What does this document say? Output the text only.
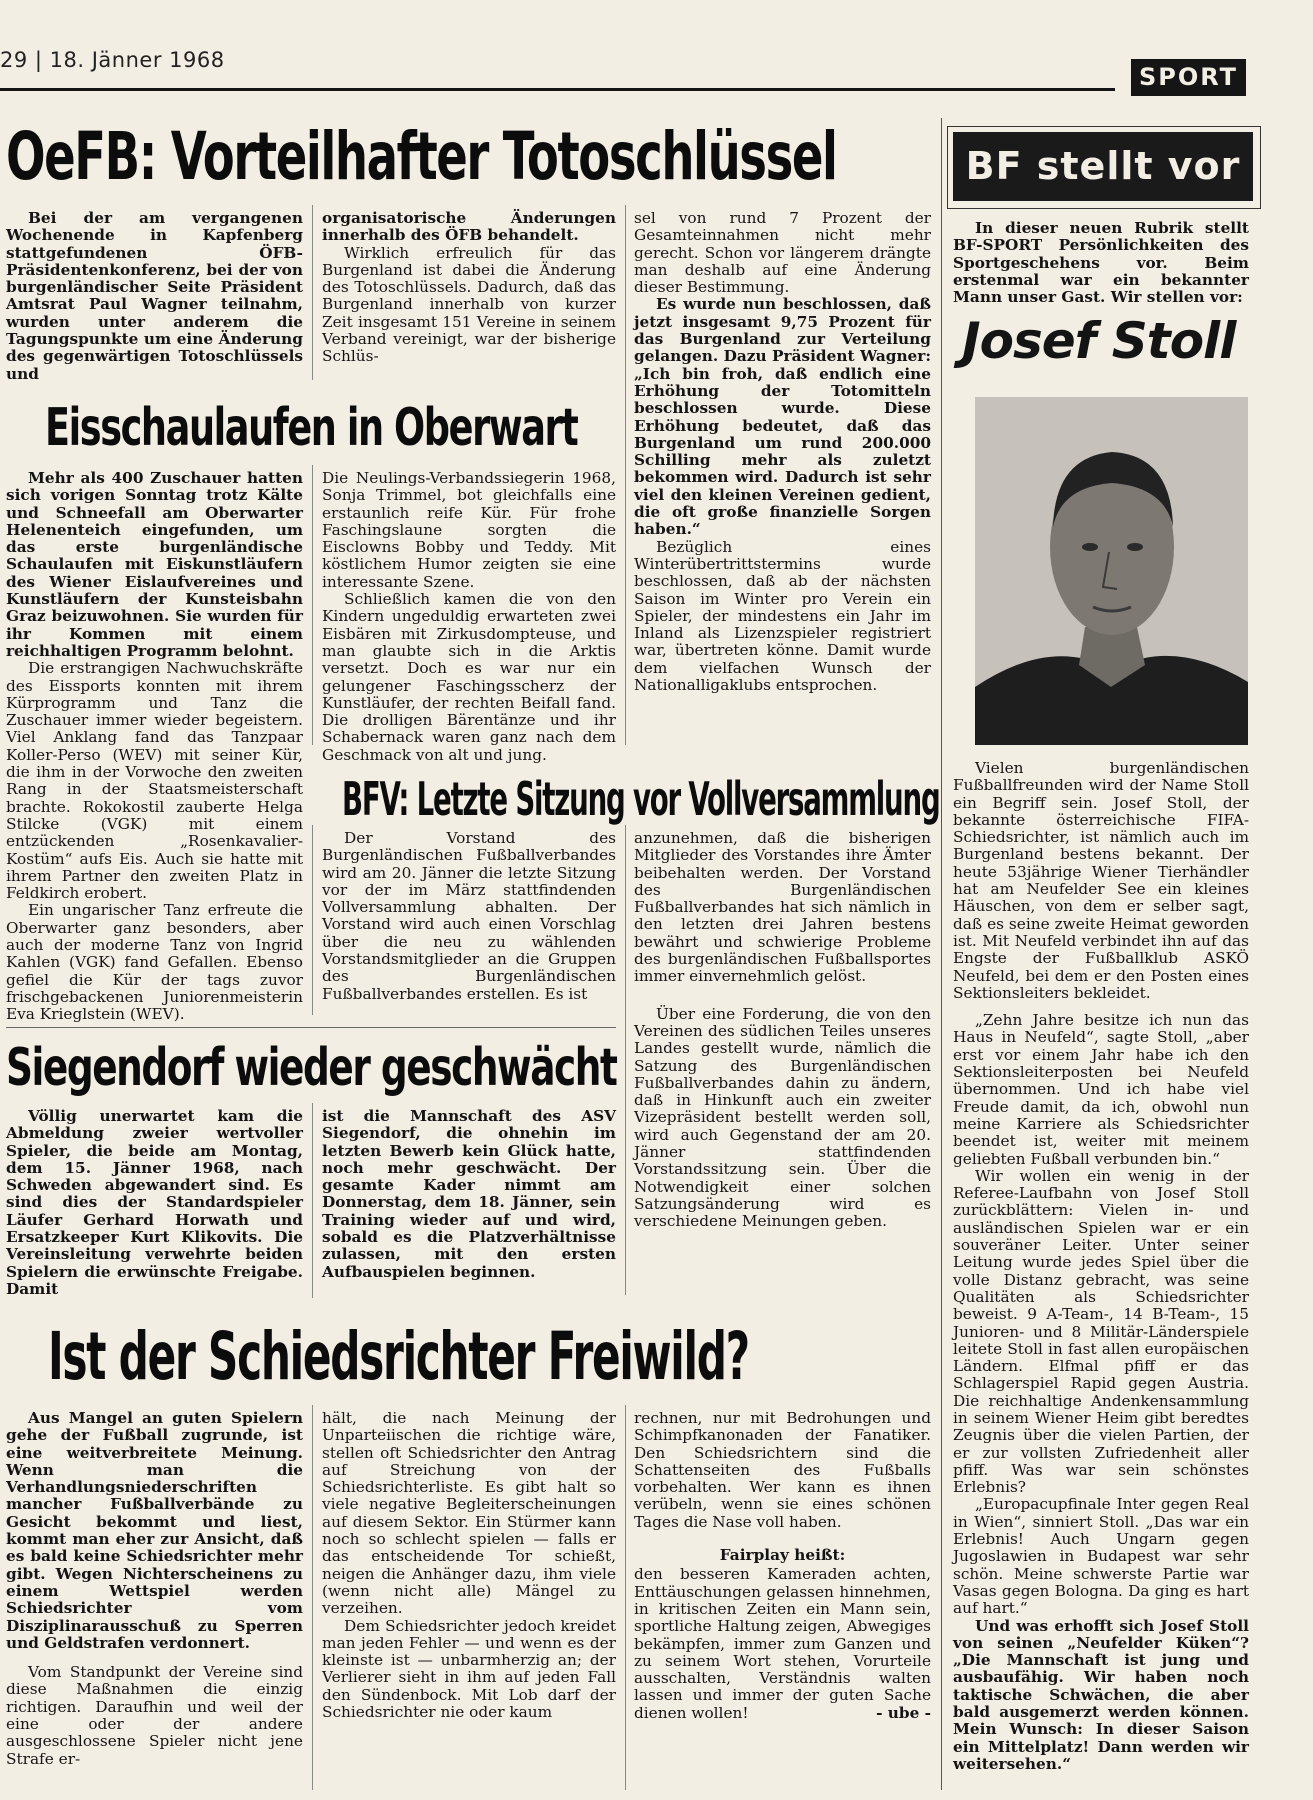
29 | 18. Jänner 1968
SPORT
OeFB: Vorteilhafter Totoschlüssel

Bei der am vergangenen Wochenende in Kapfenberg stattgefundenen ÖFB-Präsidentenkonferenz, bei der von burgenländischer Seite Präsident Amtsrat Paul Wagner teilnahm, wurden unter anderem die Tagungspunkte um eine Änderung des gegenwärtigen Totoschlüssels und

organisatorische Änderungen innerhalb des ÖFB behandelt.

Wirklich erfreulich für das Burgenland ist dabei die Änderung des Totoschlüssels. Dadurch, daß das Burgenland innerhalb von kurzer Zeit insgesamt 151 Vereine in seinem Verband vereinigt, war der bisherige Schlüs-

sel von rund 7 Prozent der Gesamteinnahmen nicht mehr gerecht. Schon vor längerem drängte man deshalb auf eine Änderung dieser Bestimmung.

Es wurde nun beschlossen, daß jetzt insgesamt 9,75 Prozent für das Burgenland zur Verteilung gelangen. Dazu Präsident Wagner: „Ich bin froh, daß endlich eine Erhöhung der Totomitteln beschlossen wurde. Diese Erhöhung bedeutet, daß das Burgenland um rund 200.000 Schilling mehr als zuletzt bekommen wird. Dadurch ist sehr viel den kleinen Vereinen gedient, die oft große finanzielle Sorgen haben.“

Bezüglich eines Winterübertrittstermins wurde beschlossen, daß ab der nächsten Saison im Winter pro Verein ein Spieler, der mindestens ein Jahr im Inland als Lizenzspieler registriert war, übertreten könne. Damit wurde dem vielfachen Wunsch der Nationalligaklubs entsprochen.

Eisschaulaufen in Oberwart

Mehr als 400 Zuschauer hatten sich vorigen Sonntag trotz Kälte und Schneefall am Oberwarter Helenenteich eingefunden, um das erste burgenländische Schaulaufen mit Eiskunstläufern des Wiener Eislaufvereines und Kunstläufern der Kunsteisbahn Graz beizuwohnen. Sie wurden für ihr Kommen mit einem reichhaltigen Programm belohnt.

Die erstrangigen Nachwuchskräfte des Eissports konnten mit ihrem Kürprogramm und Tanz die Zuschauer immer wieder begeistern. Viel Anklang fand das Tanzpaar Koller-Perso (WEV) mit seiner Kür, die ihm in der Vorwoche den zweiten Rang in der Staatsmeisterschaft brachte. Rokokostil zauberte Helga Stilcke (VGK) mit einem entzückenden „Rosenkavalier-Kostüm“ aufs Eis. Auch sie hatte mit ihrem Partner den zweiten Platz in Feldkirch erobert.

Ein ungarischer Tanz erfreute die Oberwarter ganz besonders, aber auch der moderne Tanz von Ingrid Kahlen (VGK) fand Gefallen. Ebenso gefiel die Kür der tags zuvor frischgebackenen Juniorenmeisterin Eva Krieglstein (WEV).

Die Neulings-Verbandssiegerin 1968, Sonja Trimmel, bot gleichfalls eine erstaunlich reife Kür. Für frohe Faschingslaune sorgten die Eisclowns Bobby und Teddy. Mit köstlichem Humor zeigten sie eine interessante Szene.

Schließlich kamen die von den Kindern ungeduldig erwarteten zwei Eisbären mit Zirkusdompteuse, und man glaubte sich in die Arktis versetzt. Doch es war nur ein gelungener Faschingsscherz der Kunstläufer, der rechten Beifall fand. Die drolligen Bärentänze und ihr Schabernack waren ganz nach dem Geschmack von alt und jung.

BFV: Letzte Sitzung vor Vollversammlung

Der Vorstand des Burgenländischen Fußballverbandes wird am 20. Jänner die letzte Sitzung vor der im März stattfindenden Vollversammlung abhalten. Der Vorstand wird auch einen Vorschlag über die neu zu wählenden Vorstandsmitglieder an die Gruppen des Burgenländischen Fußballverbandes erstellen. Es ist

anzunehmen, daß die bisherigen Mitglieder des Vorstandes ihre Ämter beibehalten werden. Der Vorstand des Burgenländischen Fußballverbandes hat sich nämlich in den letzten drei Jahren bestens bewährt und schwierige Probleme des burgenländischen Fußballsportes immer einvernehmlich gelöst.

Über eine Forderung, die von den Vereinen des südlichen Teiles unseres Landes gestellt wurde, nämlich die Satzung des Burgenländischen Fußballverbandes dahin zu ändern, daß in Hinkunft auch ein zweiter Vizepräsident bestellt werden soll, wird auch Gegenstand der am 20. Jänner stattfindenden Vorstandssitzung sein. Über die Notwendigkeit einer solchen Satzungsänderung wird es verschiedene Meinungen geben.

Siegendorf wieder geschwächt

Völlig unerwartet kam die Abmeldung zweier wertvoller Spieler, die beide am Montag, dem 15. Jänner 1968, nach Schweden abgewandert sind. Es sind dies der Standardspieler Läufer Gerhard Horwath und Ersatzkeeper Kurt Klikovits. Die Vereinsleitung verwehrte beiden Spielern die erwünschte Freigabe. Damit

ist die Mannschaft des ASV Siegendorf, die ohnehin im letzten Bewerb kein Glück hatte, noch mehr geschwächt. Der gesamte Kader nimmt am Donnerstag, dem 18. Jänner, sein Training wieder auf und wird, sobald es die Platzverhältnisse zulassen, mit den ersten Aufbauspielen beginnen.

Ist der Schiedsrichter Freiwild?

Aus Mangel an guten Spielern gehe der Fußball zugrunde, ist eine weitverbreitete Meinung. Wenn man die Verhandlungsniederschriften mancher Fußballverbände zu Gesicht bekommt und liest, kommt man eher zur Ansicht, daß es bald keine Schiedsrichter mehr gibt. Wegen Nichterscheinens zu einem Wettspiel werden Schiedsrichter vom Disziplinarausschuß zu Sperren und Geldstrafen verdonnert.

Vom Standpunkt der Vereine sind diese Maßnahmen die einzig richtigen. Daraufhin und weil der eine oder der andere ausgeschlossene Spieler nicht jene Strafe er-

hält, die nach Meinung der Unparteiischen die richtige wäre, stellen oft Schiedsrichter den Antrag auf Streichung von der Schiedsrichterliste. Es gibt halt so viele negative Begleiterscheinungen auf diesem Sektor. Ein Stürmer kann noch so schlecht spielen — falls er das entscheidende Tor schießt, neigen die Anhänger dazu, ihm viele (wenn nicht alle) Mängel zu verzeihen.

Dem Schiedsrichter jedoch kreidet man jeden Fehler — und wenn es der kleinste ist — unbarmherzig an; der Verlierer sieht in ihm auf jeden Fall den Sündenbock. Mit Lob darf der Schiedsrichter nie oder kaum

rechnen, nur mit Bedrohungen und Schimpfkanonaden der Fanatiker. Den Schiedsrichtern sind die Schattenseiten des Fußballs vorbehalten. Wer kann es ihnen verübeln, wenn sie eines schönen Tages die Nase voll haben.

Fairplay heißt:

den besseren Kameraden achten, Enttäuschungen gelassen hinnehmen, in kritischen Zeiten ein Mann sein, sportliche Haltung zeigen, Abwegiges bekämpfen, immer zum Ganzen und zu seinem Wort stehen, Vorurteile ausschalten, Verständnis walten lassen und immer der guten Sache dienen wollen!	- ube -

BF stellt vor

In dieser neuen Rubrik stellt BF-SPORT Persönlichkeiten des Sportgeschehens vor. Beim erstenmal war ein bekannter Mann unser Gast. Wir stellen vor:

Josef Stoll

Vielen burgenländischen Fußballfreunden wird der Name Stoll ein Begriff sein. Josef Stoll, der bekannte österreichische FIFA-Schiedsrichter, ist nämlich auch im Burgenland bestens bekannt. Der heute 53jährige Wiener Tierhändler hat am Neufelder See ein kleines Häuschen, von dem er selber sagt, daß es seine zweite Heimat geworden ist. Mit Neufeld verbindet ihn auf das Engste der Fußballklub ASKÖ Neufeld, bei dem er den Posten eines Sektionsleiters bekleidet.

„Zehn Jahre besitze ich nun das Haus in Neufeld“, sagte Stoll, „aber erst vor einem Jahr habe ich den Sektionsleiterposten bei Neufeld übernommen. Und ich habe viel Freude damit, da ich, obwohl nun meine Karriere als Schiedsrichter beendet ist, weiter mit meinem geliebten Fußball verbunden bin.“

Wir wollen ein wenig in der Referee-Laufbahn von Josef Stoll zurückblättern: Vielen in- und ausländischen Spielen war er ein souveräner Leiter. Unter seiner Leitung wurde jedes Spiel über die volle Distanz gebracht, was seine Qualitäten als Schiedsrichter beweist. 9 A-Team-, 14 B-Team-, 15 Junioren- und 8 Militär-Länderspiele leitete Stoll in fast allen europäischen Ländern. Elfmal pfiff er das Schlagerspiel Rapid gegen Austria. Die reichhaltige Andenkensammlung in seinem Wiener Heim gibt beredtes Zeugnis über die vielen Partien, der er zur vollsten Zufriedenheit aller pfiff. Was war sein schönstes Erlebnis?

„Europacupfinale Inter gegen Real in Wien“, sinniert Stoll. „Das war ein Erlebnis! Auch Ungarn gegen Jugoslawien in Budapest war sehr schön. Meine schwerste Partie war Vasas gegen Bologna. Da ging es hart auf hart.“

Und was erhofft sich Josef Stoll von seinen „Neufelder Küken“? „Die Mannschaft ist jung und ausbaufähig. Wir haben noch taktische Schwächen, die aber bald ausgemerzt werden können. Mein Wunsch: In dieser Saison ein Mittelplatz! Dann werden wir weitersehen.“
